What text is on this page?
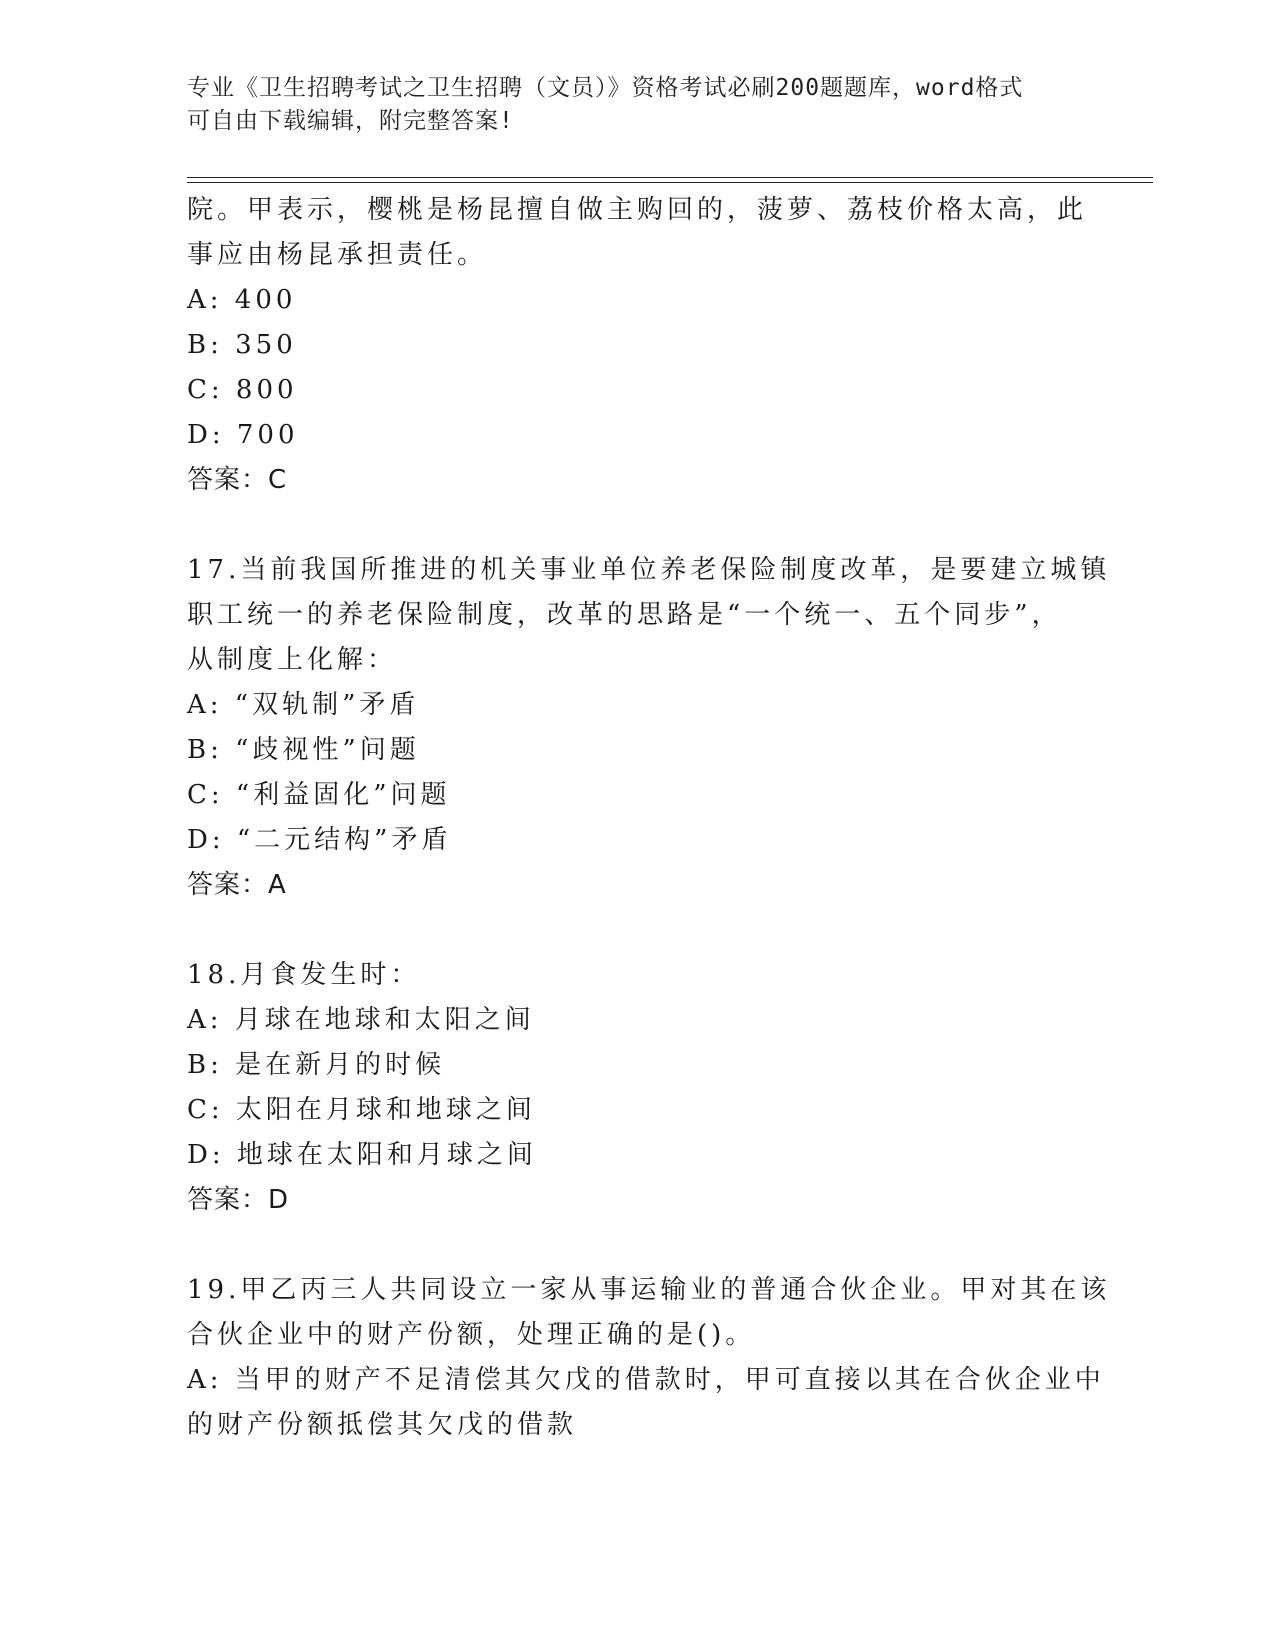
专业《卫生招聘考试之卫生招聘（文员）》资格考试必刷200题题库，word格式
可自由下载编辑，附完整答案!
院。甲表示，樱桃是杨昆擅自做主购回的，菠萝、荔枝价格太高，此
事应由杨昆承担责任。
A: 400
B: 350
C: 800
D: 700
答案：C
17.当前我国所推进的机关事业单位养老保险制度改革，是要建立城镇
职工统一的养老保险制度，改革的思路是“一个统一、五个同步”，
从制度上化解：
A: “双轨制”矛盾
B: “歧视性”问题
C: “利益固化”问题
D: “二元结构”矛盾
答案：A
18.月食发生时：
A: 月球在地球和太阳之间
B: 是在新月的时候
C: 太阳在月球和地球之间
D: 地球在太阳和月球之间
答案：D
19.甲乙丙三人共同设立一家从事运输业的普通合伙企业。甲对其在该
合伙企业中的财产份额，处理正确的是()。
A: 当甲的财产不足清偿其欠戊的借款时，甲可直接以其在合伙企业中
的财产份额抵偿其欠戊的借款
